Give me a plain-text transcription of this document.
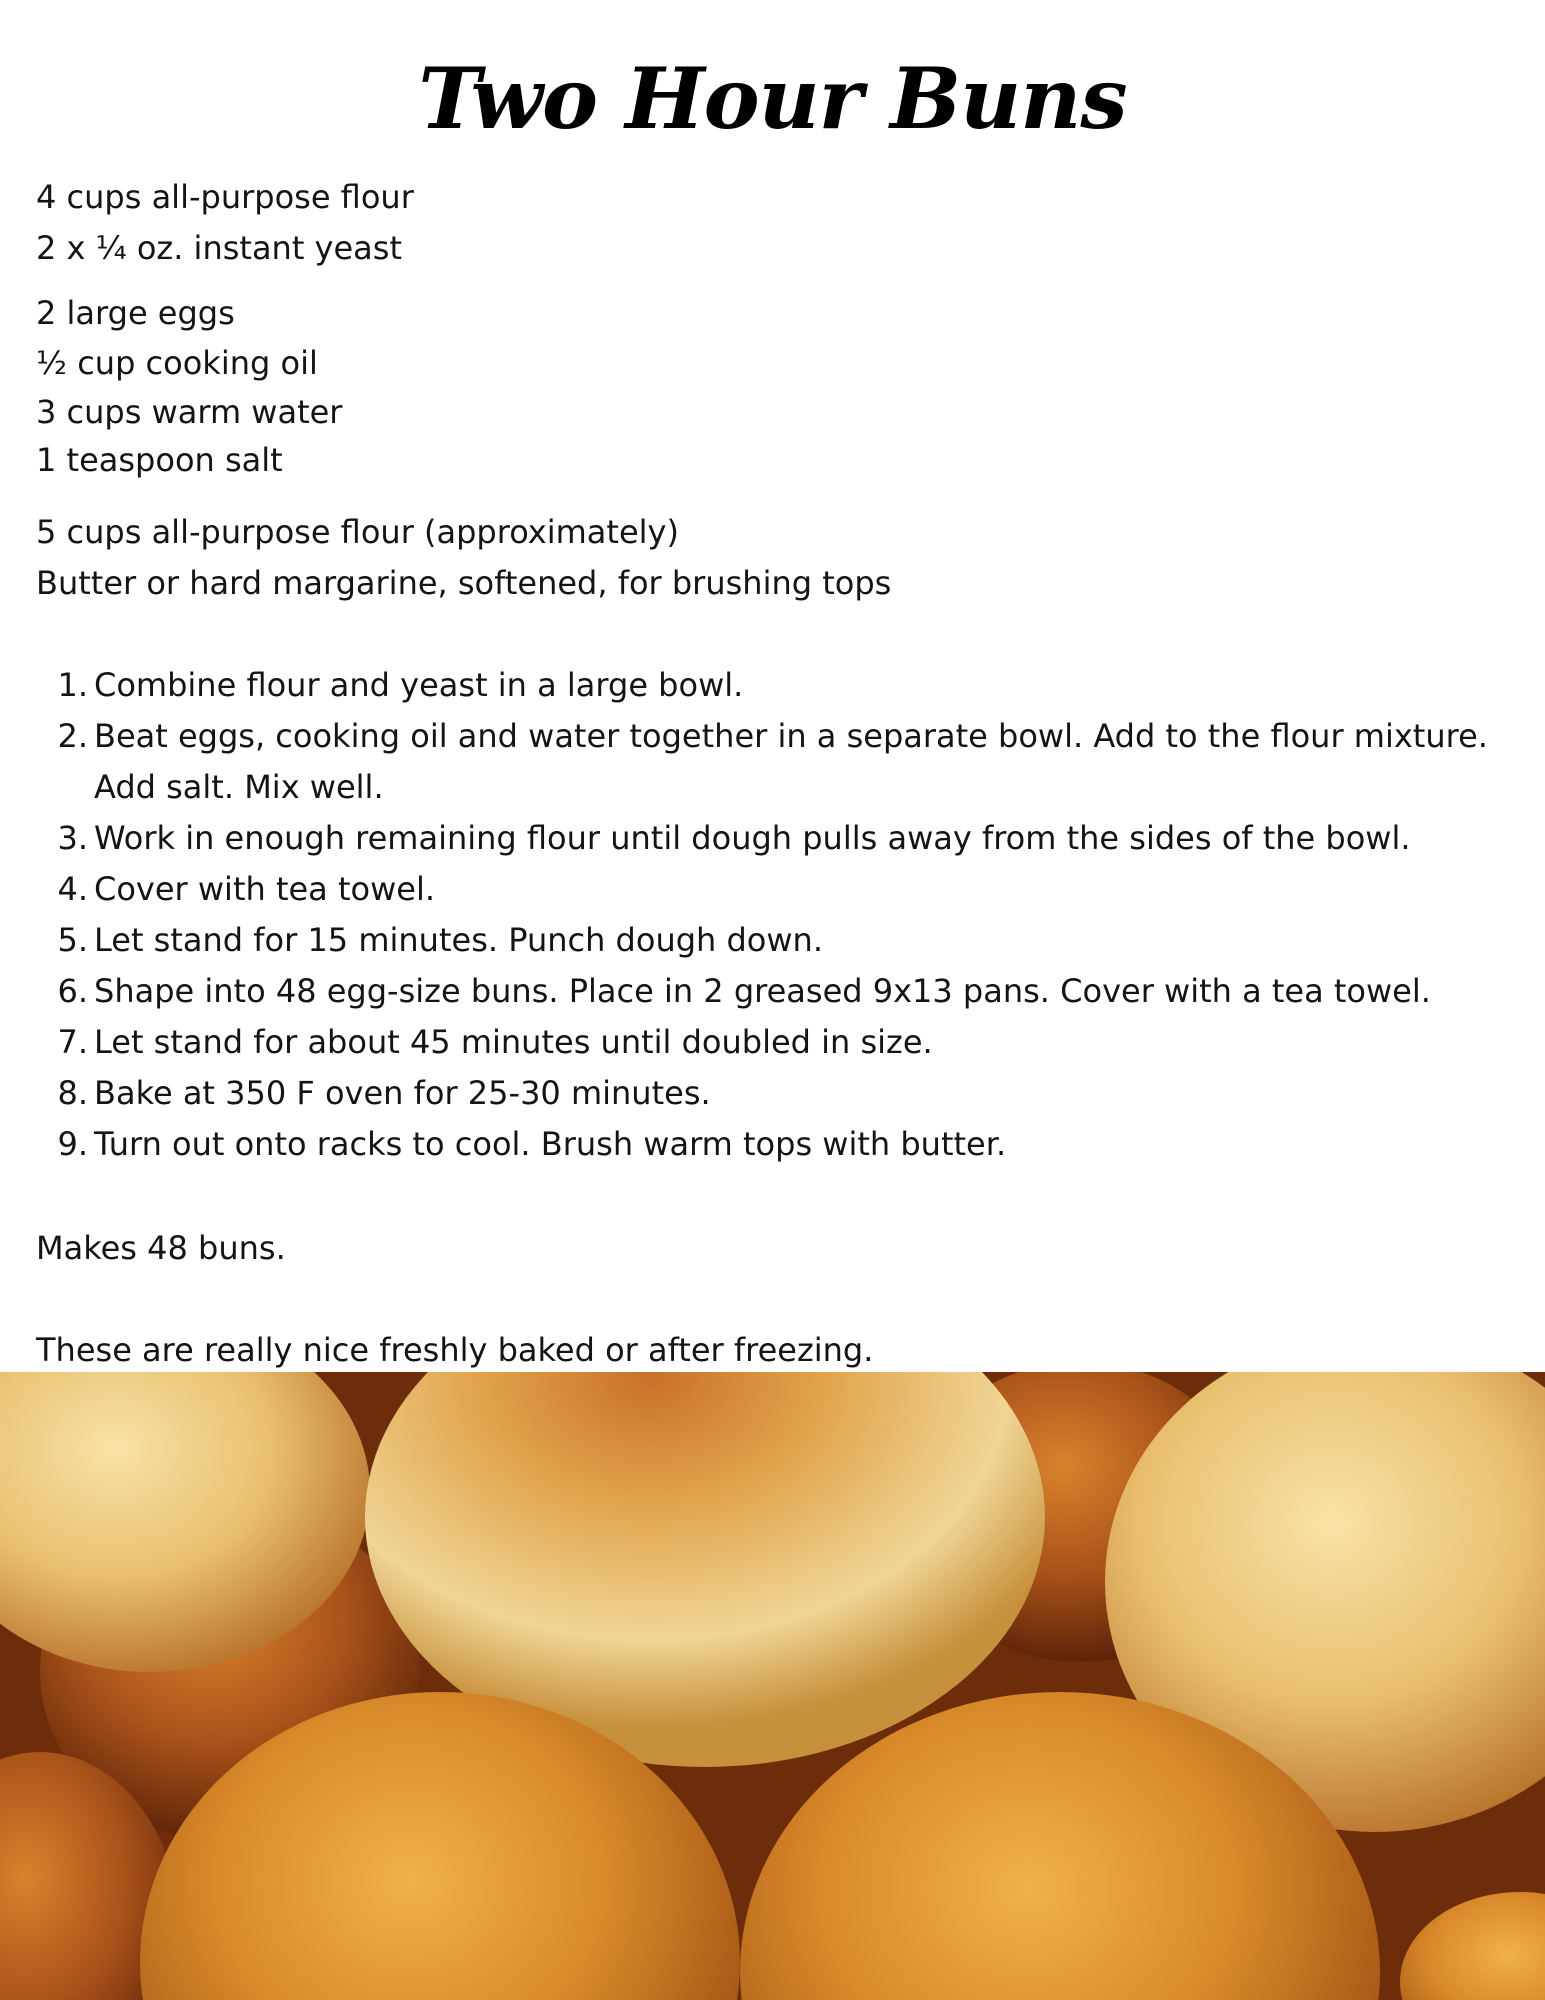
Two Hour Buns

4 cups all-purpose flour

2 x ¼ oz. instant yeast

2 large eggs

½ cup cooking oil

3 cups warm water

1 teaspoon salt

5 cups all-purpose flour (approximately)

Butter or hard margarine, softened, for brushing tops

1. Combine flour and yeast in a large bowl.
2. Beat eggs, cooking oil and water together in a separate bowl. Add to the flour mixture. Add salt. Mix well.
3. Work in enough remaining flour until dough pulls away from the sides of the bowl.
4. Cover with tea towel.
5. Let stand for 15 minutes. Punch dough down.
6. Shape into 48 egg-size buns. Place in 2 greased 9x13 pans. Cover with a tea towel.
7. Let stand for about 45 minutes until doubled in size.
8. Bake at 350 F oven for 25-30 minutes.
9. Turn out onto racks to cool. Brush warm tops with butter.
Makes 48 buns.
These are really nice freshly baked or after freezing.
